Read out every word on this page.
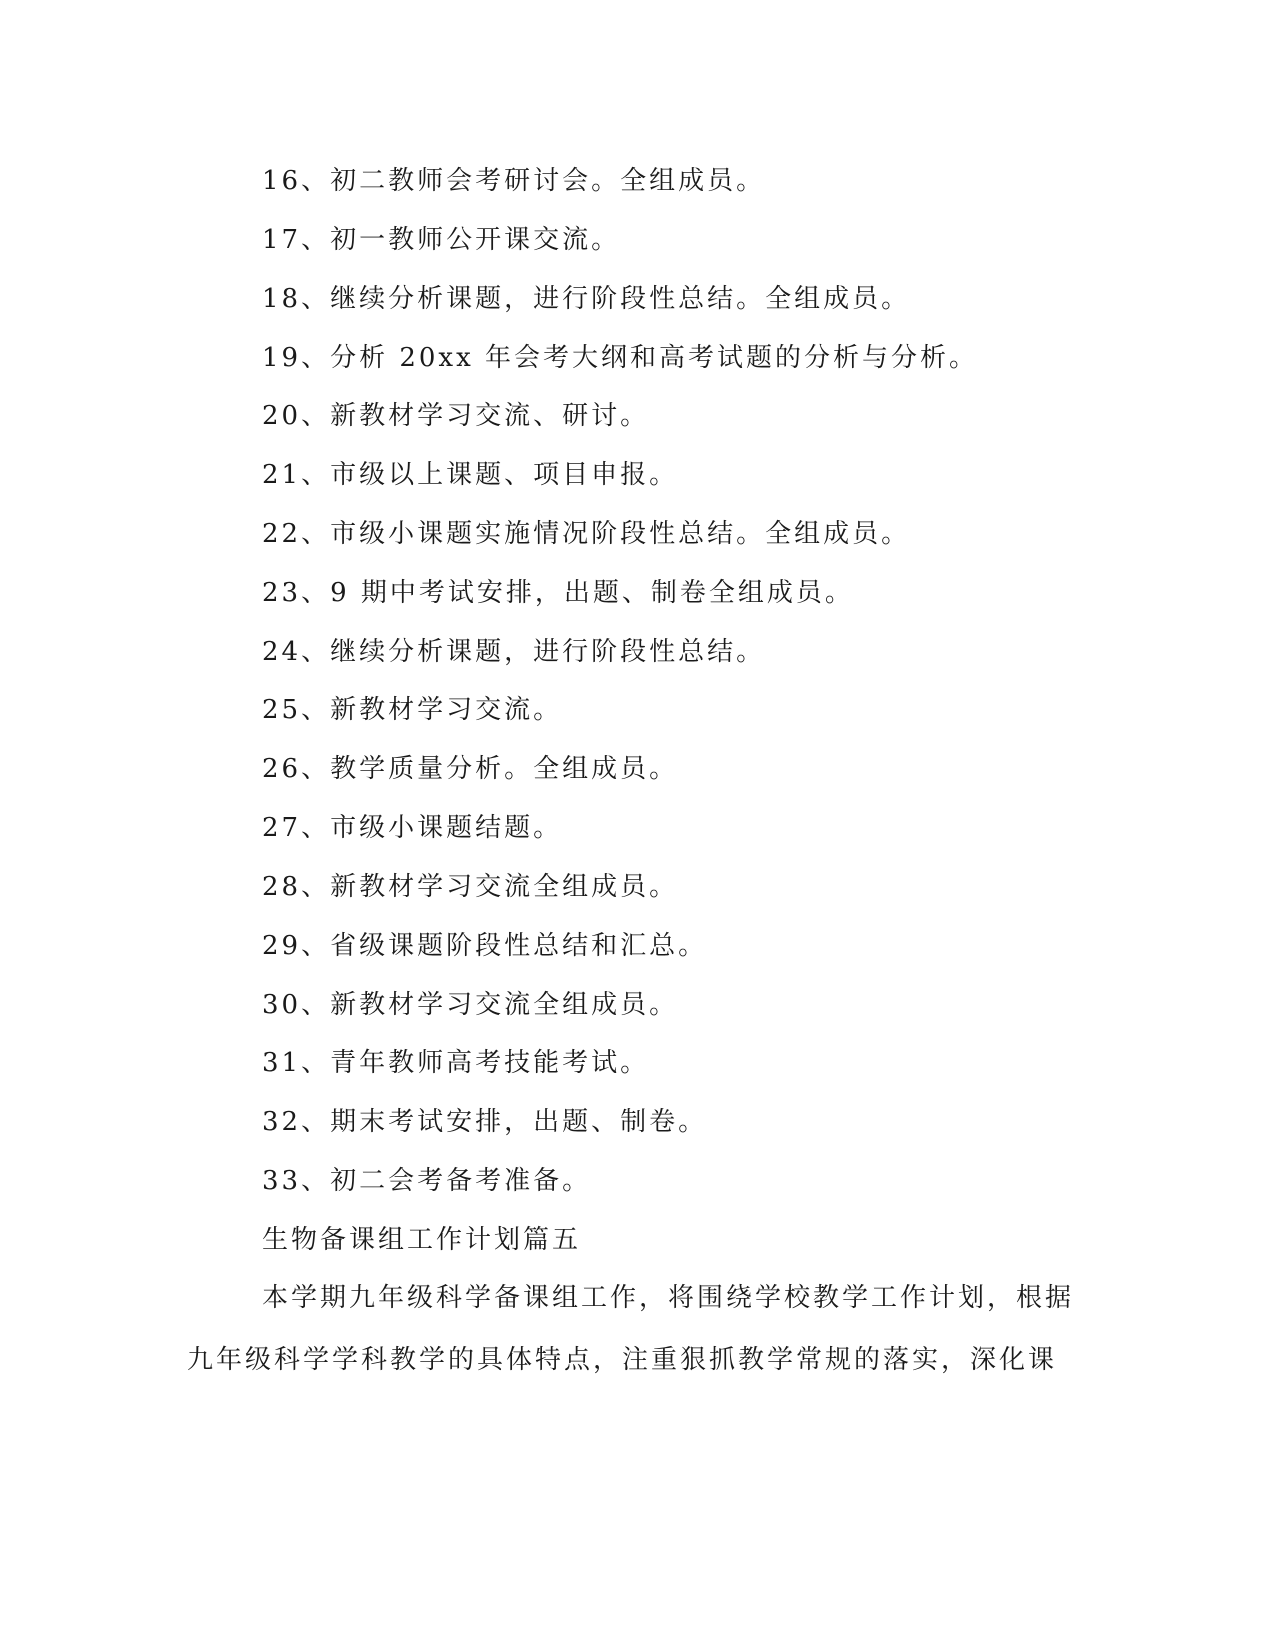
16、初二教师会考研讨会。全组成员。
17、初一教师公开课交流。
18、继续分析课题，进行阶段性总结。全组成员。
19、分析 20xx 年会考大纲和高考试题的分析与分析。
20、新教材学习交流、研讨。
21、市级以上课题、项目申报。
22、市级小课题实施情况阶段性总结。全组成员。
23、9 期中考试安排，出题、制卷全组成员。
24、继续分析课题，进行阶段性总结。
25、新教材学习交流。
26、教学质量分析。全组成员。
27、市级小课题结题。
28、新教材学习交流全组成员。
29、省级课题阶段性总结和汇总。
30、新教材学习交流全组成员。
31、青年教师高考技能考试。
32、期末考试安排，出题、制卷。
33、初二会考备考准备。
生物备课组工作计划篇五
本学期九年级科学备课组工作，将围绕学校教学工作计划，根据九年级科学学科教学的具体特点，注重狠抓教学常规的落实，深化课
